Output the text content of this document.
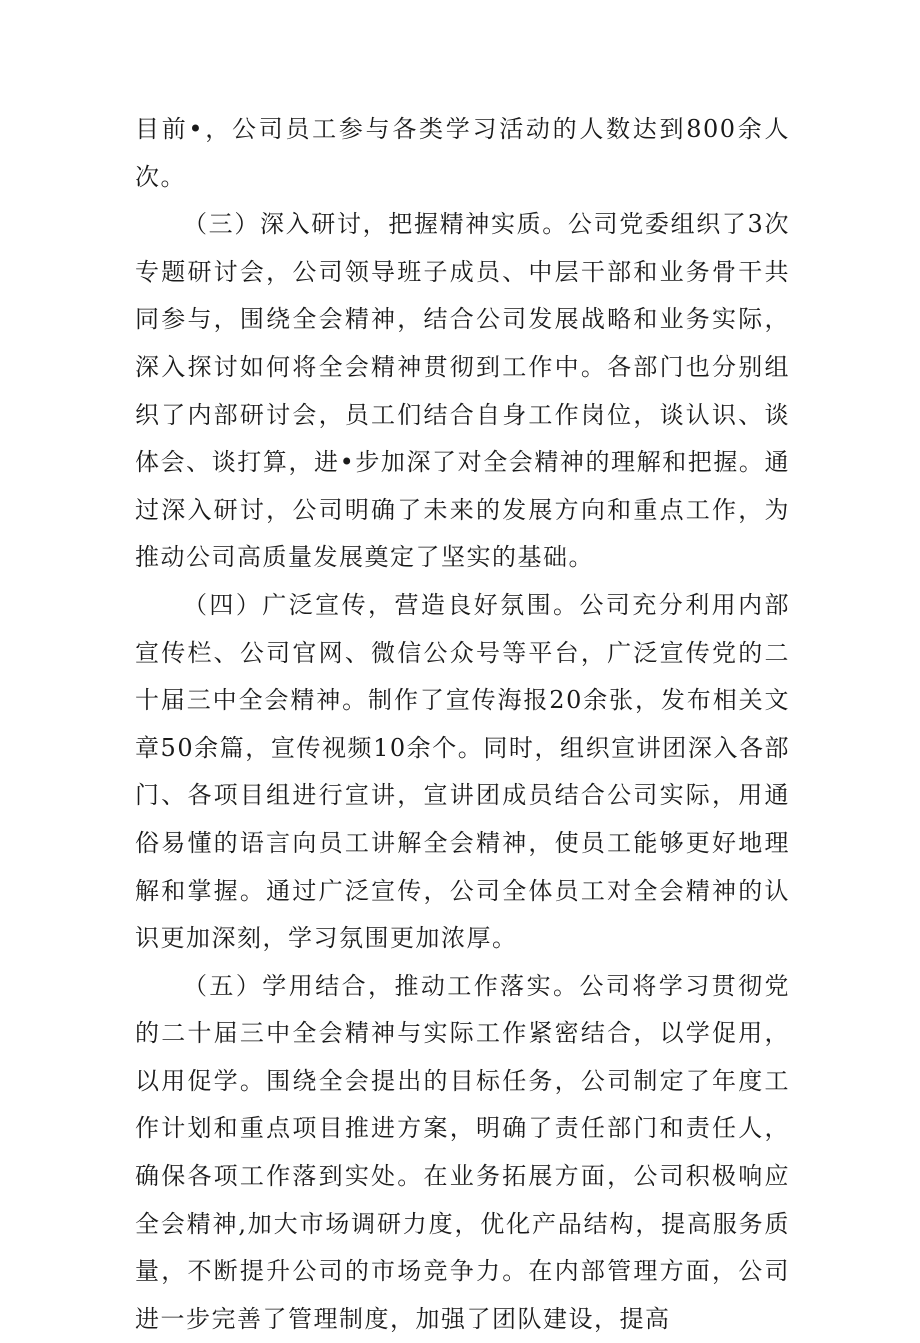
目前•，公司员工参与各类学习活动的人数达到800余人次。

（三）深入研讨，把握精神实质。公司党委组织了3次专题研讨会，公司领导班子成员、中层干部和业务骨干共同参与，围绕全会精神，结合公司发展战略和业务实际，深入探讨如何将全会精神贯彻到工作中。各部门也分别组织了内部研讨会，员工们结合自身工作岗位，谈认识、谈体会、谈打算，进•步加深了对全会精神的理解和把握。通过深入研讨，公司明确了未来的发展方向和重点工作，为推动公司高质量发展奠定了坚实的基础。

（四）广泛宣传，营造良好氛围。公司充分利用内部宣传栏、公司官网、微信公众号等平台，广泛宣传党的二十届三中全会精神。制作了宣传海报20余张，发布相关文章50余篇，宣传视频10余个。同时，组织宣讲团深入各部门、各项目组进行宣讲，宣讲团成员结合公司实际，用通俗易懂的语言向员工讲解全会精神，使员工能够更好地理解和掌握。通过广泛宣传，公司全体员工对全会精神的认识更加深刻，学习氛围更加浓厚。

（五）学用结合，推动工作落实。公司将学习贯彻党的二十届三中全会精神与实际工作紧密结合，以学促用，以用促学。围绕全会提出的目标任务，公司制定了年度工作计划和重点项目推进方案，明确了责任部门和责任人，确保各项工作落到实处。在业务拓展方面，公司积极响应全会精神,加大市场调研力度，优化产品结构，提高服务质量，不断提升公司的市场竞争力。在内部管理方面，公司进一步完善了管理制度，加强了团队建设，提高
